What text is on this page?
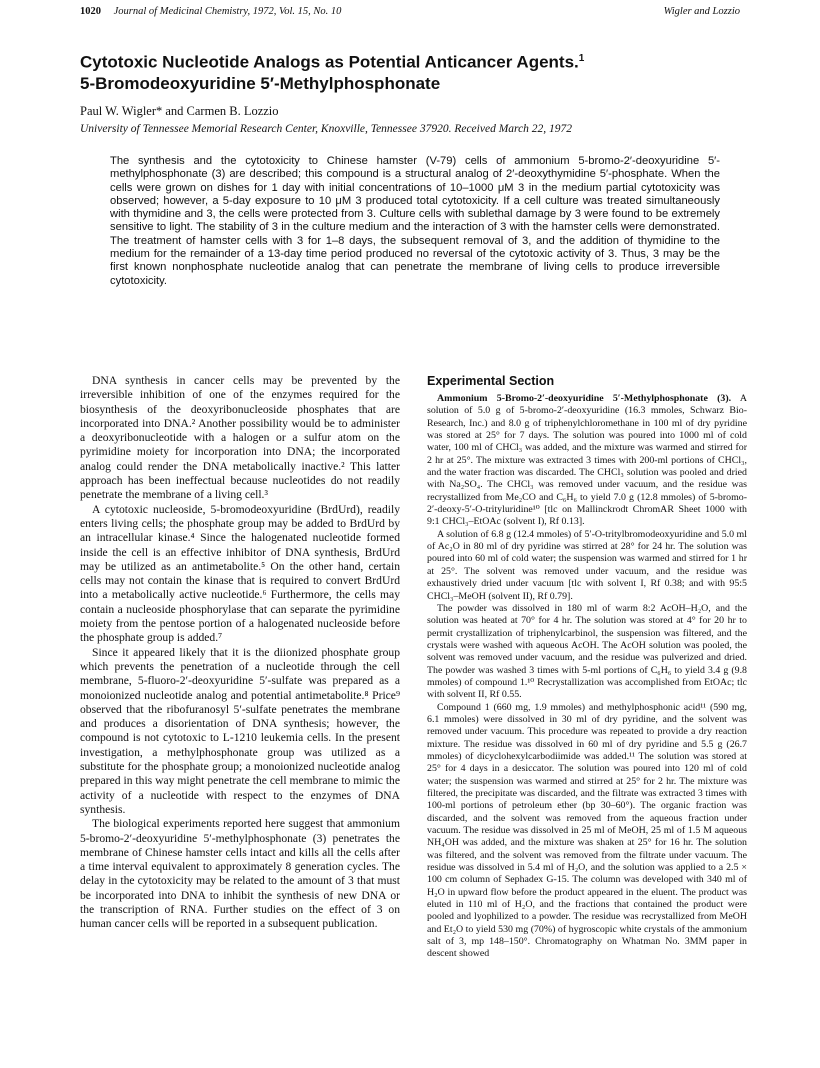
1020 Journal of Medicinal Chemistry, 1972, Vol. 15, No. 10	Wigler and Lozzio
Cytotoxic Nucleotide Analogs as Potential Anticancer Agents.$^1$
5-Bromodeoxyuridine 5′-Methylphosphonate
Paul W. Wigler* and Carmen B. Lozzio
University of Tennessee Memorial Research Center, Knoxville, Tennessee 37920. Received March 22, 1972

The synthesis and the cytotoxicity to Chinese hamster (V-79) cells of ammonium 5-bromo-2′-deoxyuridine 5′-methylphosphonate (3) are described; this compound is a structural analog of 2′-deoxythymidine 5′-phosphate. When the cells were grown on dishes for 1 day with initial concentrations of 10–1000 μM 3 in the medium partial cytotoxicity was observed; however, a 5-day exposure to 10 μM 3 produced total cytotoxicity. If a cell culture was treated simultaneously with thymidine and 3, the cells were protected from 3. Culture cells with sublethal damage by 3 were found to be extremely sensitive to light. The stability of 3 in the culture medium and the interaction of 3 with the hamster cells were demonstrated. The treatment of hamster cells with 3 for 1–8 days, the subsequent removal of 3, and the addition of thymidine to the medium for the remainder of a 13-day time period produced no reversal of the cytotoxic activity of 3. Thus, 3 may be the first known nonphosphate nucleotide analog that can penetrate the membrane of living cells to produce irreversible cytotoxicity.

DNA synthesis in cancer cells may be prevented by the irreversible inhibition of one of the enzymes required for the biosynthesis of the deoxyribonucleoside phosphates that are incorporated into DNA.² Another possibility would be to administer a deoxyribonucleotide with a halogen or a sulfur atom on the pyrimidine moiety for incorporation into DNA; the incorporated analog could render the DNA metabolically inactive.² This latter approach has been ineffectual because nucleotides do not readily penetrate the membrane of a living cell.³

A cytotoxic nucleoside, 5-bromodeoxyuridine (BrdUrd), readily enters living cells; the phosphate group may be added to BrdUrd by an intracellular kinase.⁴ Since the halogenated nucleotide formed inside the cell is an effective inhibitor of DNA synthesis, BrdUrd may be utilized as an antimetabolite.⁵ On the other hand, certain cells may not contain the kinase that is required to convert BrdUrd into a metabolically active nucleotide.⁶ Furthermore, the cells may contain a nucleoside phosphorylase that can separate the pyrimidine moiety from the pentose portion of a halogenated nucleoside before the phosphate group is added.⁷

Since it appeared likely that it is the diionized phosphate group which prevents the penetration of a nucleotide through the cell membrane, 5-fluoro-2′-deoxyuridine 5′-sulfate was prepared as a monoionized nucleotide analog and potential antimetabolite.⁸ Price⁹ observed that the ribofuranosyl 5′-sulfate penetrates the membrane and produces a disorientation of DNA synthesis; however, the compound is not cytotoxic to L-1210 leukemia cells. In the present investigation, a methylphosphonate group was utilized as a substitute for the phosphate group; a monoionized nucleotide analog prepared in this way might penetrate the cell membrane to mimic the activity of a nucleotide with respect to the enzymes of DNA synthesis.

The biological experiments reported here suggest that ammonium 5-bromo-2′-deoxyuridine 5′-methylphosphonate (3) penetrates the membrane of Chinese hamster cells intact and kills all the cells after a time interval equivalent to approximately 8 generation cycles. The delay in the cytotoxicity may be related to the amount of 3 that must be incorporated into DNA to inhibit the synthesis of new DNA or the transcription of RNA. Further studies on the effect of 3 on human cancer cells will be reported in a subsequent publication.

Experimental Section

Ammonium 5-Bromo-2′-deoxyuridine 5′-Methylphosphonate (3). A solution of 5.0 g of 5-bromo-2′-deoxyuridine (16.3 mmoles, Schwarz Bio-Research, Inc.) and 8.0 g of triphenylchloromethane in 100 ml of dry pyridine was stored at 25° for 7 days. The solution was poured into 1000 ml of cold water, 100 ml of CHCl₃ was added, and the mixture was warmed and stirred for 2 hr at 25°. The mixture was extracted 3 times with 200-ml portions of CHCl₃, and the water fraction was discarded. The CHCl₃ solution was pooled and dried with Na₂SO₄. The CHCl₃ was removed under vacuum, and the residue was recrystallized from Me₂CO and C₆H₆ to yield 7.0 g (12.8 mmoles) of 5-bromo-2′-deoxy-5′-O-trityluridine¹⁰ [tlc on Mallinckrodt ChromAR Sheet 1000 with 9:1 CHCl₃–EtOAc (solvent I), Rf 0.13].

A solution of 6.8 g (12.4 mmoles) of 5′-O-tritylbromodeoxyuridine and 5.0 ml of Ac₂O in 80 ml of dry pyridine was stirred at 28° for 24 hr. The solution was poured into 60 ml of cold water; the suspension was warmed and stirred for 1 hr at 25°. The solvent was removed under vacuum, and the residue was exhaustively dried under vacuum [tlc with solvent I, Rf 0.38; and with 95:5 CHCl₃–MeOH (solvent II), Rf 0.79].

The powder was dissolved in 180 ml of warm 8:2 AcOH–H₂O, and the solution was heated at 70° for 4 hr. The solution was stored at 4° for 20 hr to permit crystallization of triphenylcarbinol, the suspension was filtered, and the crystals were washed with aqueous AcOH. The AcOH solution was pooled, the solvent was removed under vacuum, and the residue was pulverized and dried. The powder was washed 3 times with 5-ml portions of C₆H₆ to yield 3.4 g (9.8 mmoles) of compound 1.¹⁰ Recrystallization was accomplished from EtOAc; tlc with solvent II, Rf 0.55.

Compound 1 (660 mg, 1.9 mmoles) and methylphosphonic acid¹¹ (590 mg, 6.1 mmoles) were dissolved in 30 ml of dry pyridine, and the solvent was removed under vacuum. This procedure was repeated to provide a dry reaction mixture. The residue was dissolved in 60 ml of dry pyridine and 5.5 g (26.7 mmoles) of dicyclohexylcarbodiimide was added.¹¹ The solution was stored at 25° for 4 days in a desiccator. The solution was poured into 120 ml of cold water; the suspension was warmed and stirred at 25° for 2 hr. The mixture was filtered, the precipitate was discarded, and the filtrate was extracted 3 times with 100-ml portions of petroleum ether (bp 30–60°). The organic fraction was discarded, and the solvent was removed from the aqueous fraction under vacuum. The residue was dissolved in 25 ml of MeOH, 25 ml of 1.5 M aqueous NH₄OH was added, and the mixture was shaken at 25° for 16 hr. The solution was filtered, and the solvent was removed from the filtrate under vacuum. The residue was dissolved in 5.4 ml of H₂O, and the solution was applied to a 2.5 × 100 cm column of Sephadex G-15. The column was developed with 340 ml of H₂O in upward flow before the product appeared in the eluent. The product was eluted in 110 ml of H₂O, and the fractions that contained the product were pooled and lyophilized to a powder. The residue was recrystallized from MeOH and Et₂O to yield 530 mg (70%) of hygroscopic white crystals of the ammonium salt of 3, mp 148–150°. Chromatography on Whatman No. 3MM paper in descent showed
